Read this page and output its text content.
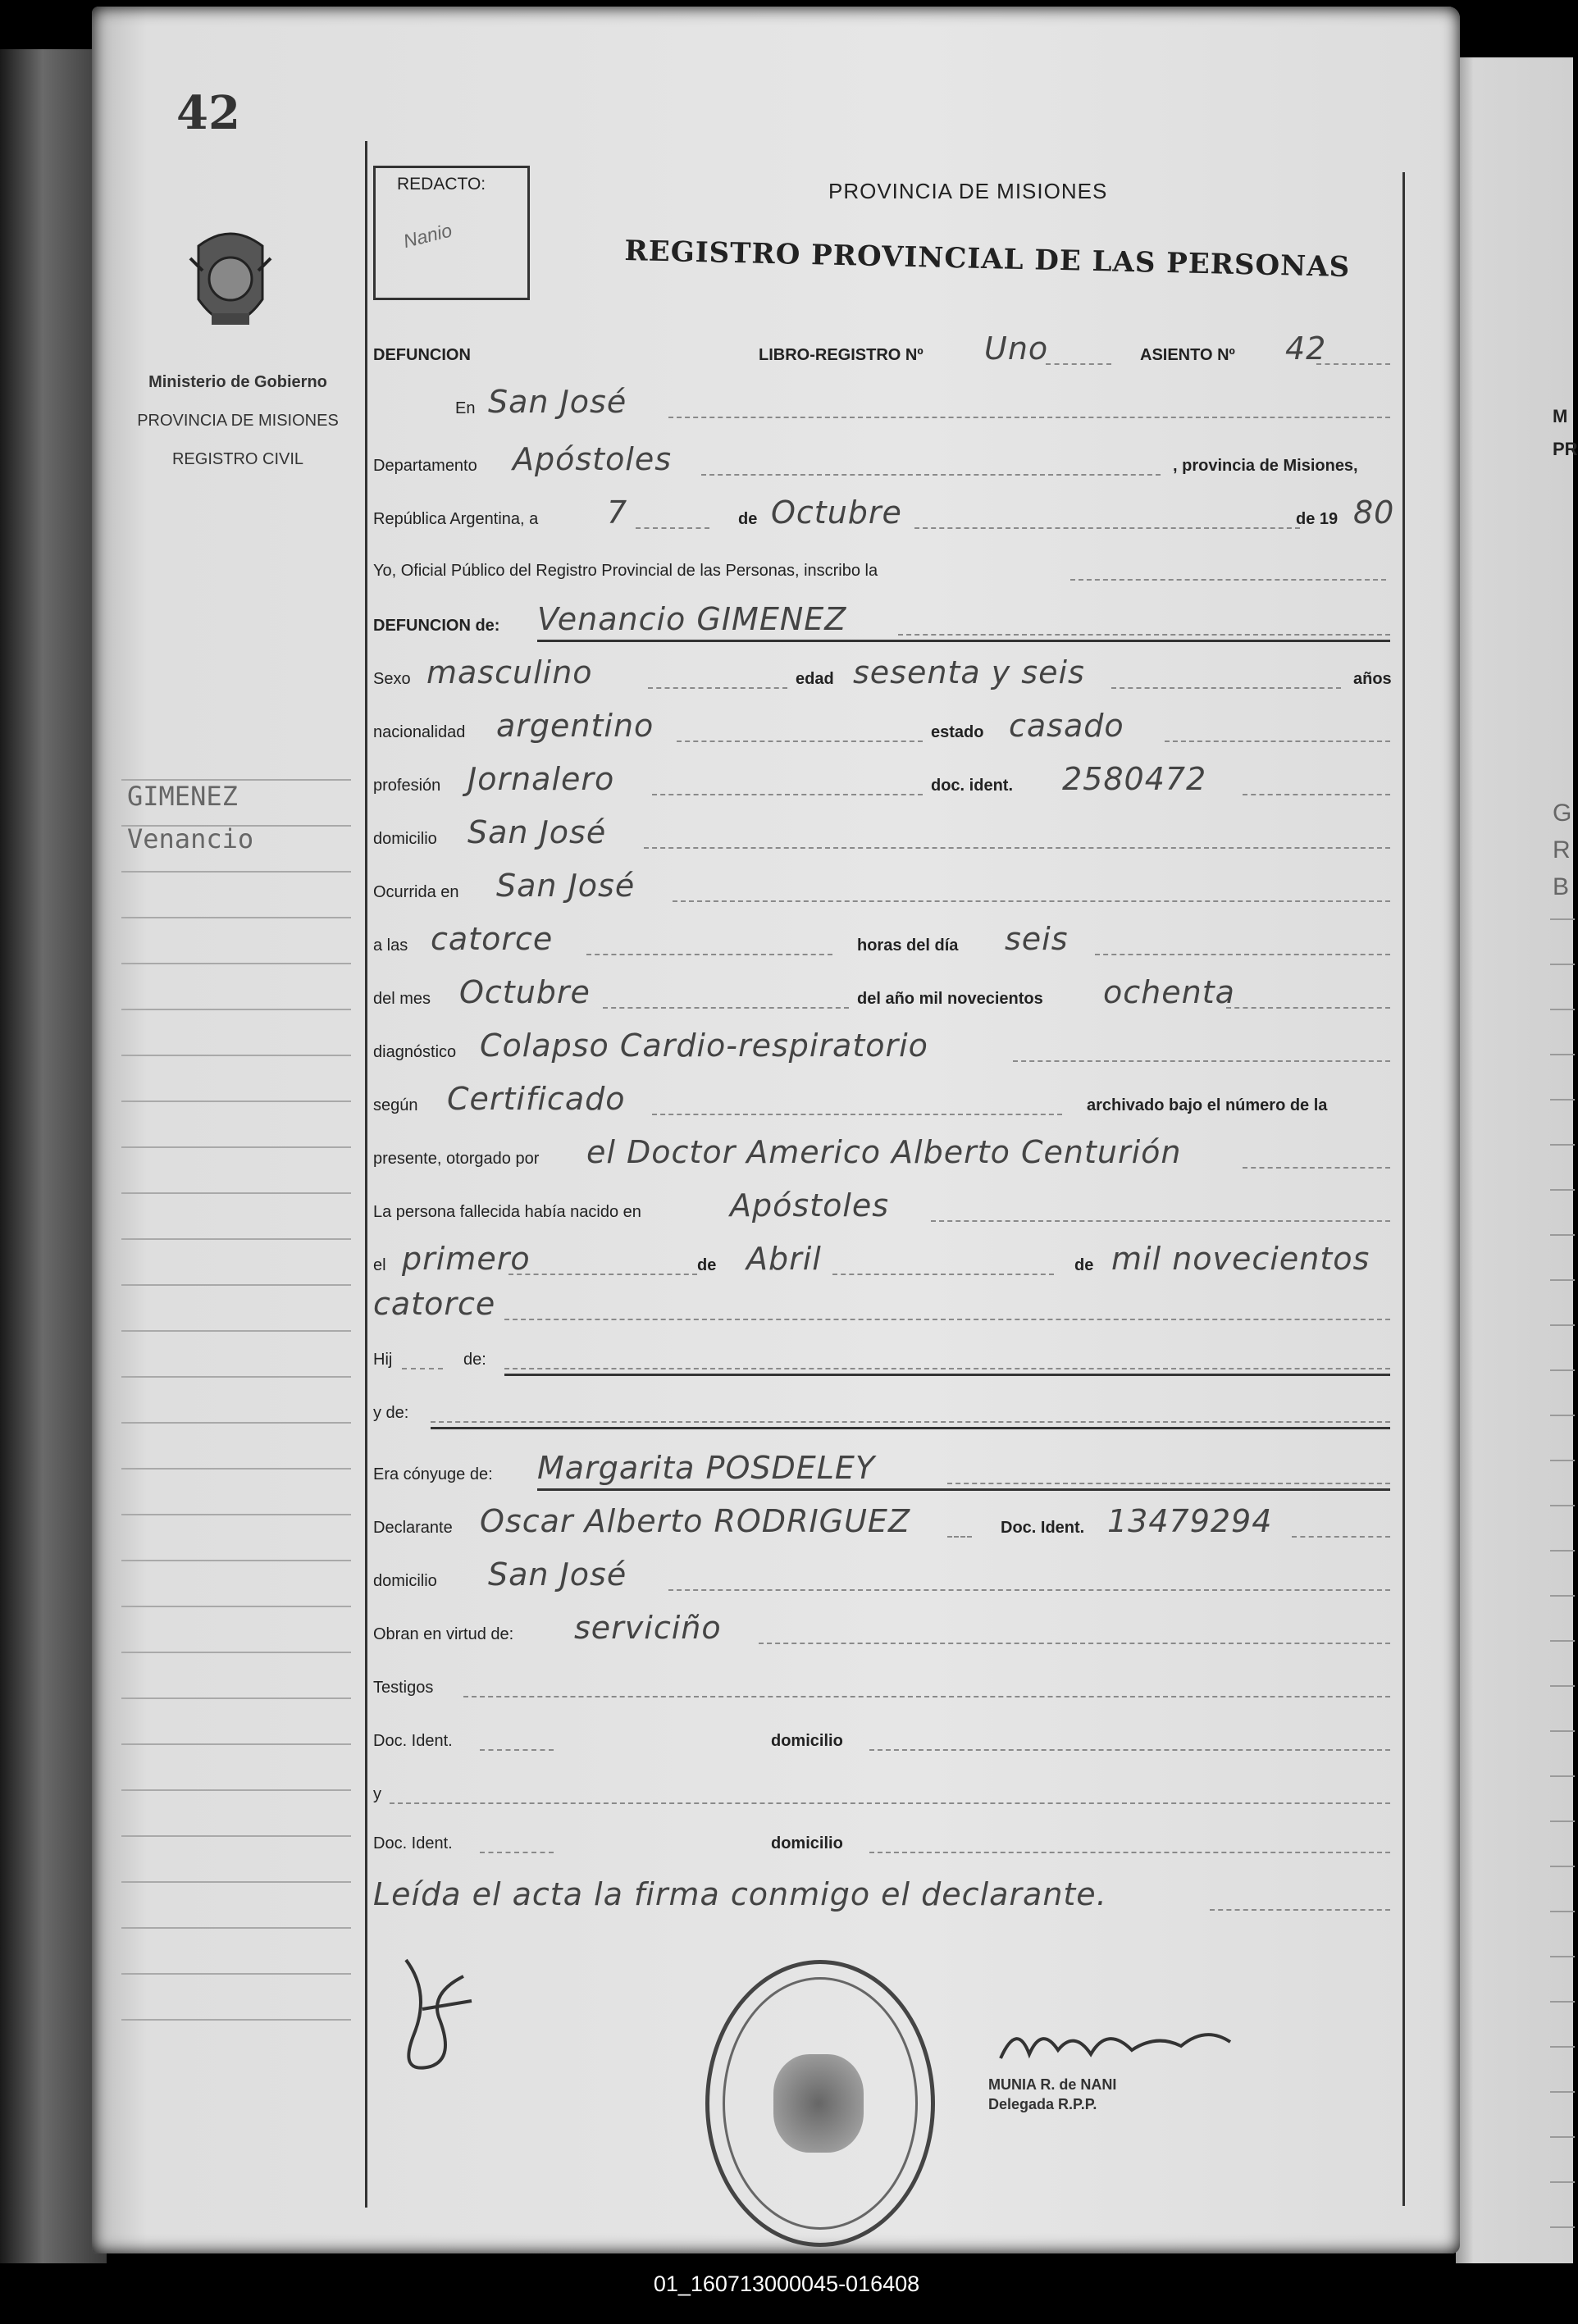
M
PR
G
R
B
42
Ministerio de Gobierno
PROVINCIA DE MISIONES
REGISTRO CIVIL
GIMENEZ
Venancio
REDACTO:
Nanio
PROVINCIA DE MISIONES
REGISTRO PROVINCIAL DE LAS PERSONAS
DEFUNCION	LIBRO-REGISTRO Nº Uno	ASIENTO Nº 42
En San José
Departamento Apóstoles	, provincia de Misiones,
República Argentina, a 7	de Octubre	de 19 80
Yo, Oficial Público del Registro Provincial de las Personas, inscribo la
DEFUNCION de: Venancio GIMENEZ
Sexo masculino	edad sesenta y seis	años
nacionalidad argentino	estado casado
profesión Jornalero	doc. ident. 2580472
domicilio San José
Ocurrida en San José
a las catorce	horas del día seis
del mes Octubre	del año mil novecientos ochenta
diagnóstico Colapso Cardio-respiratorio
según Certificado	archivado bajo el número de la
presente, otorgado por el Doctor Americo Alberto Centurión
La persona fallecida había nacido en	Apóstoles
el primero	de Abril	de mil novecientos
catorce
Hij	de:
y de:
Era cónyuge de: Margarita POSDELEY
Declarante Oscar Alberto RODRIGUEZ	Doc. Ident. 13479294
domicilio San José
Obran en virtud de: serviciño
Testigos
Doc. Ident.	domicilio
y
Doc. Ident.	domicilio
Leída el acta la firma conmigo el declarante.
MUNIA R. de NANI
Delegada R.P.P.
01_160713000045-016408
